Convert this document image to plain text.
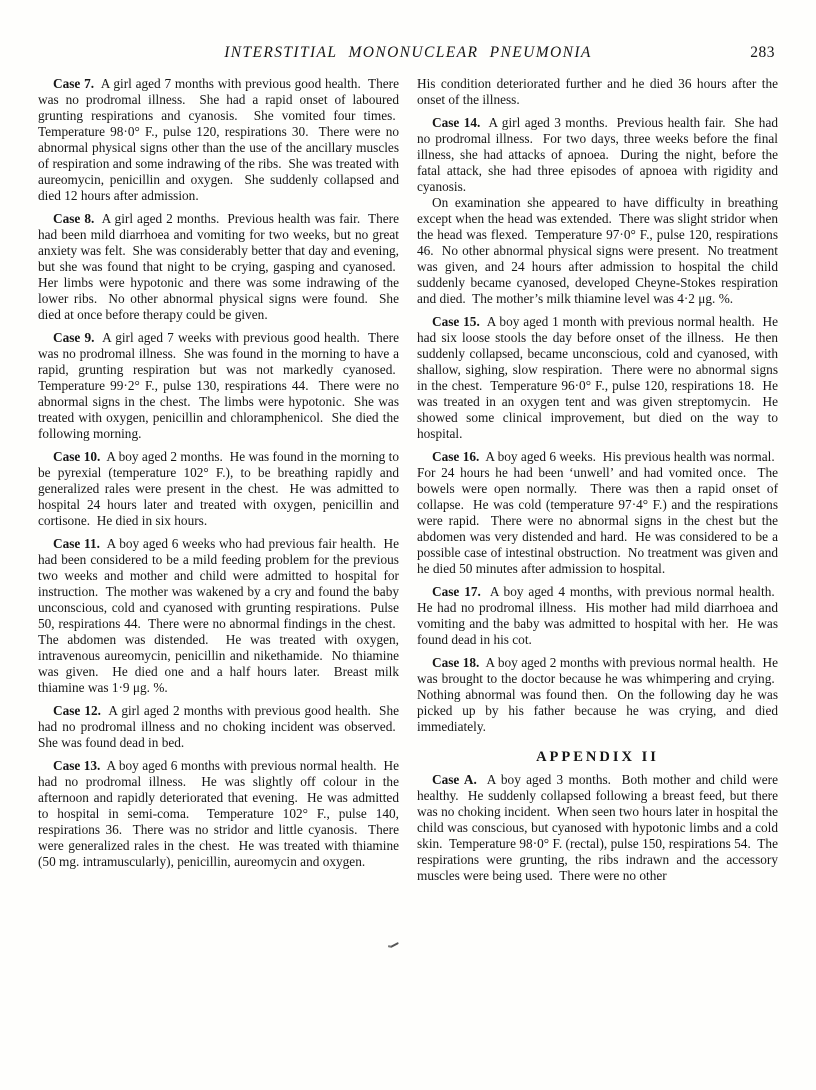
INTERSTITIAL MONONUCLEAR PNEUMONIA	283

Case 7. A girl aged 7 months with previous good health.  There was no prodromal illness.  She had a rapid onset of laboured grunting respirations and cyanosis.  She vomited four times.  Temperature 98·0° F., pulse 120, respirations 30.  There were no abnormal physical signs other than the use of the ancillary muscles of respiration and some indrawing of the ribs.  She was treated with aureomycin, penicillin and oxygen.  She suddenly collapsed and died 12 hours after admission.

Case 8. A girl aged 2 months.  Previous health was fair.  There had been mild diarrhoea and vomiting for two weeks, but no great anxiety was felt.  She was considerably better that day and evening, but she was found that night to be crying, gasping and cyanosed.  Her limbs were hypotonic and there was some indrawing of the lower ribs.  No other abnormal physical signs were found.  She died at once before therapy could be given.

Case 9. A girl aged 7 weeks with previous good health.  There was no prodromal illness.  She was found in the morning to have a rapid, grunting respiration but was not markedly cyanosed.  Temperature 99·2° F., pulse 130, respirations 44.  There were no abnormal signs in the chest.  The limbs were hypotonic.  She was treated with oxygen, penicillin and chloramphenicol.  She died the following morning.

Case 10. A boy aged 2 months.  He was found in the morning to be pyrexial (temperature 102° F.), to be breathing rapidly and generalized rales were present in the chest.  He was admitted to hospital 24 hours later and treated with oxygen, penicillin and cortisone.  He died in six hours.

Case 11. A boy aged 6 weeks who had previous fair health.  He had been considered to be a mild feeding problem for the previous two weeks and mother and child were admitted to hospital for instruction.  The mother was wakened by a cry and found the baby unconscious, cold and cyanosed with grunting respirations.  Pulse 50, respirations 44.  There were no abnormal findings in the chest.  The abdomen was distended.  He was treated with oxygen, intravenous aureomycin, penicillin and nikethamide.  No thiamine was given.  He died one and a half hours later.  Breast milk thiamine was 1·9 μg. %.

Case 12. A girl aged 2 months with previous good health.  She had no prodromal illness and no choking incident was observed.  She was found dead in bed.

Case 13. A boy aged 6 months with previous normal health.  He had no prodromal illness.  He was slightly off colour in the afternoon and rapidly deteriorated that evening.  He was admitted to hospital in semi-coma.  Temperature 102° F., pulse 140, respirations 36.  There was no stridor and little cyanosis.  There were generalized rales in the chest.  He was treated with thiamine (50 mg. intramuscularly), penicillin, aureomycin and oxygen.

His condition deteriorated further and he died 36 hours after the onset of the illness.

Case 14. A girl aged 3 months.  Previous health fair.  She had no prodromal illness.  For two days, three weeks before the final illness, she had attacks of apnoea.  During the night, before the fatal attack, she had three episodes of apnoea with rigidity and cyanosis.

On examination she appeared to have difficulty in breathing except when the head was extended.  There was slight stridor when the head was flexed.  Temperature 97·0° F., pulse 120, respirations 46.  No other abnormal physical signs were present.  No treatment was given, and 24 hours after admission to hospital the child suddenly became cyanosed, developed Cheyne-Stokes respiration and died.  The mother’s milk thiamine level was 4·2 μg. %.

Case 15. A boy aged 1 month with previous normal health.  He had six loose stools the day before onset of the illness.  He then suddenly collapsed, became unconscious, cold and cyanosed, with shallow, sighing, slow respiration.  There were no abnormal signs in the chest.  Temperature 96·0° F., pulse 120, respirations 18.  He was treated in an oxygen tent and was given streptomycin.  He showed some clinical improvement, but died on the way to hospital.

Case 16. A boy aged 6 weeks.  His previous health was normal.  For 24 hours he had been ‘unwell’ and had vomited once.  The bowels were open normally.  There was then a rapid onset of collapse.  He was cold (temperature 97·4° F.) and the respirations were rapid.  There were no abnormal signs in the chest but the abdomen was very distended and hard.  He was considered to be a possible case of intestinal obstruction.  No treatment was given and he died 50 minutes after admission to hospital.

Case 17. A boy aged 4 months, with previous normal health.  He had no prodromal illness.  His mother had mild diarrhoea and vomiting and the baby was admitted to hospital with her.  He was found dead in his cot.

Case 18. A boy aged 2 months with previous normal health.  He was brought to the doctor because he was whimpering and crying.  Nothing abnormal was found then.  On the following day he was picked up by his father because he was crying, and died immediately.

APPENDIX II

Case A. A boy aged 3 months.  Both mother and child were healthy.  He suddenly collapsed following a breast feed, but there was no choking incident.  When seen two hours later in hospital the child was conscious, but cyanosed with hypotonic limbs and a cold skin.  Temperature 98·0° F. (rectal), pulse 150, respirations 54.  The respirations were grunting, the ribs indrawn and the accessory muscles were being used.  There were no other
